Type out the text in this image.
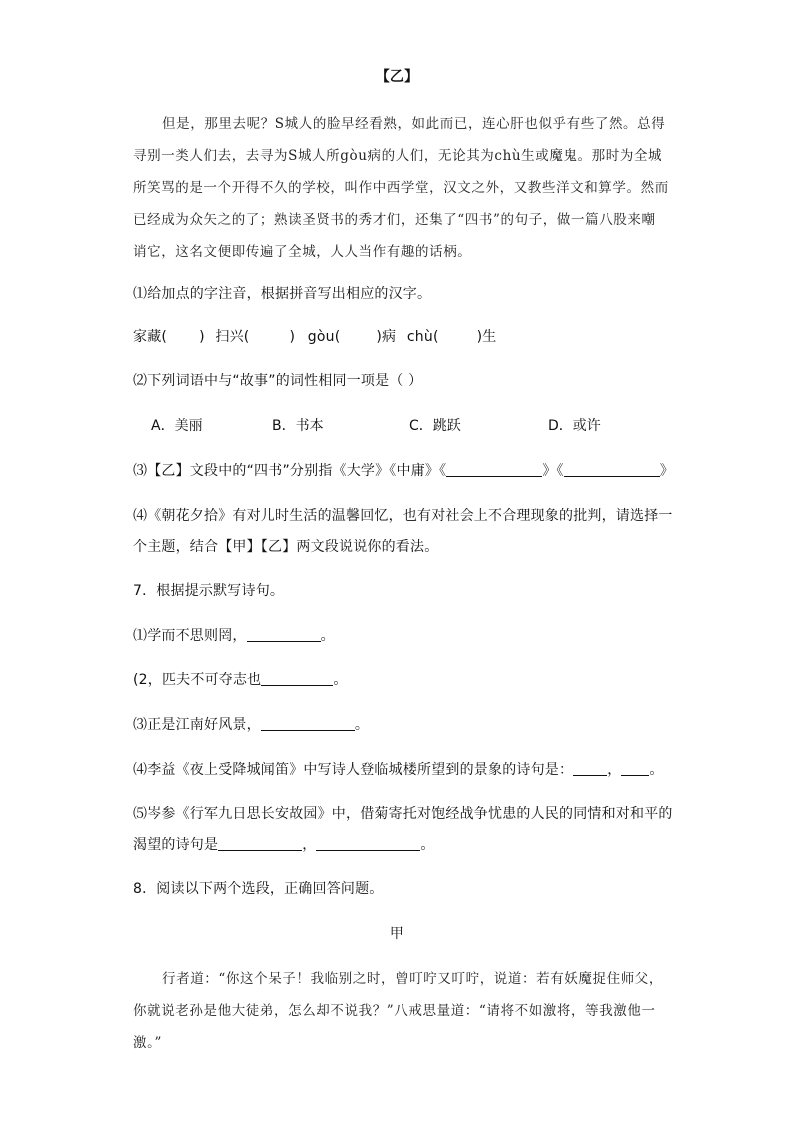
【乙】
但是，那里去呢？S城人的脸早经看熟，如此而已，连心肝也似乎有些了然。总得
寻别一类人们去，去寻为S城人所gòu病的人们，无论其为chù生或魔鬼。那时为全城
所笑骂的是一个开得不久的学校，叫作中西学堂，汉文之外，又教些洋文和算学。然而
已经成为众矢之的了；熟读圣贤书的秀才们，还集了“四书”的句子，做一篇八股来嘲
诮它，这名文便即传遍了全城，人人当作有趣的话柄。
⑴给加点的字注音，根据拼音写出相应的汉字。
家藏( ) 扫兴(	) gòu(	)病 chù(	)生
⑵下列词语中与“故事”的词性相同一项是（ ）
A．美丽	B．书本	C．跳跃	D．或许
⑶【乙】文段中的“四书”分别指《大学》《中庸》《	》《	》
⑷《朝花夕拾》有对儿时生活的温馨回忆，也有对社会上不合理现象的批判，请选择一
个主题，结合【甲】【乙】两文段说说你的看法。
7．根据提示默写诗句。
⑴学而不思则罔，	。
(2，匹夫不可夺志也	。
⑶正是江南好风景，	。
⑷李益《夜上受降城闻笛》中写诗人登临城楼所望到的景象的诗句是： ， 。
⑸岑参《行军九日思长安故园》中，借菊寄托对饱经战争忧患的人民的同情和对和平的
渴望的诗句是	，	。
8．阅读以下两个选段，正确回答问题。
甲
行者道：“你这个呆子！我临别之时，曾叮咛又叮咛，说道：若有妖魔捉住师父，
你就说老孙是他大徒弟，怎么却不说我？”八戒思量道：“请将不如激将，等我激他一
激。”
